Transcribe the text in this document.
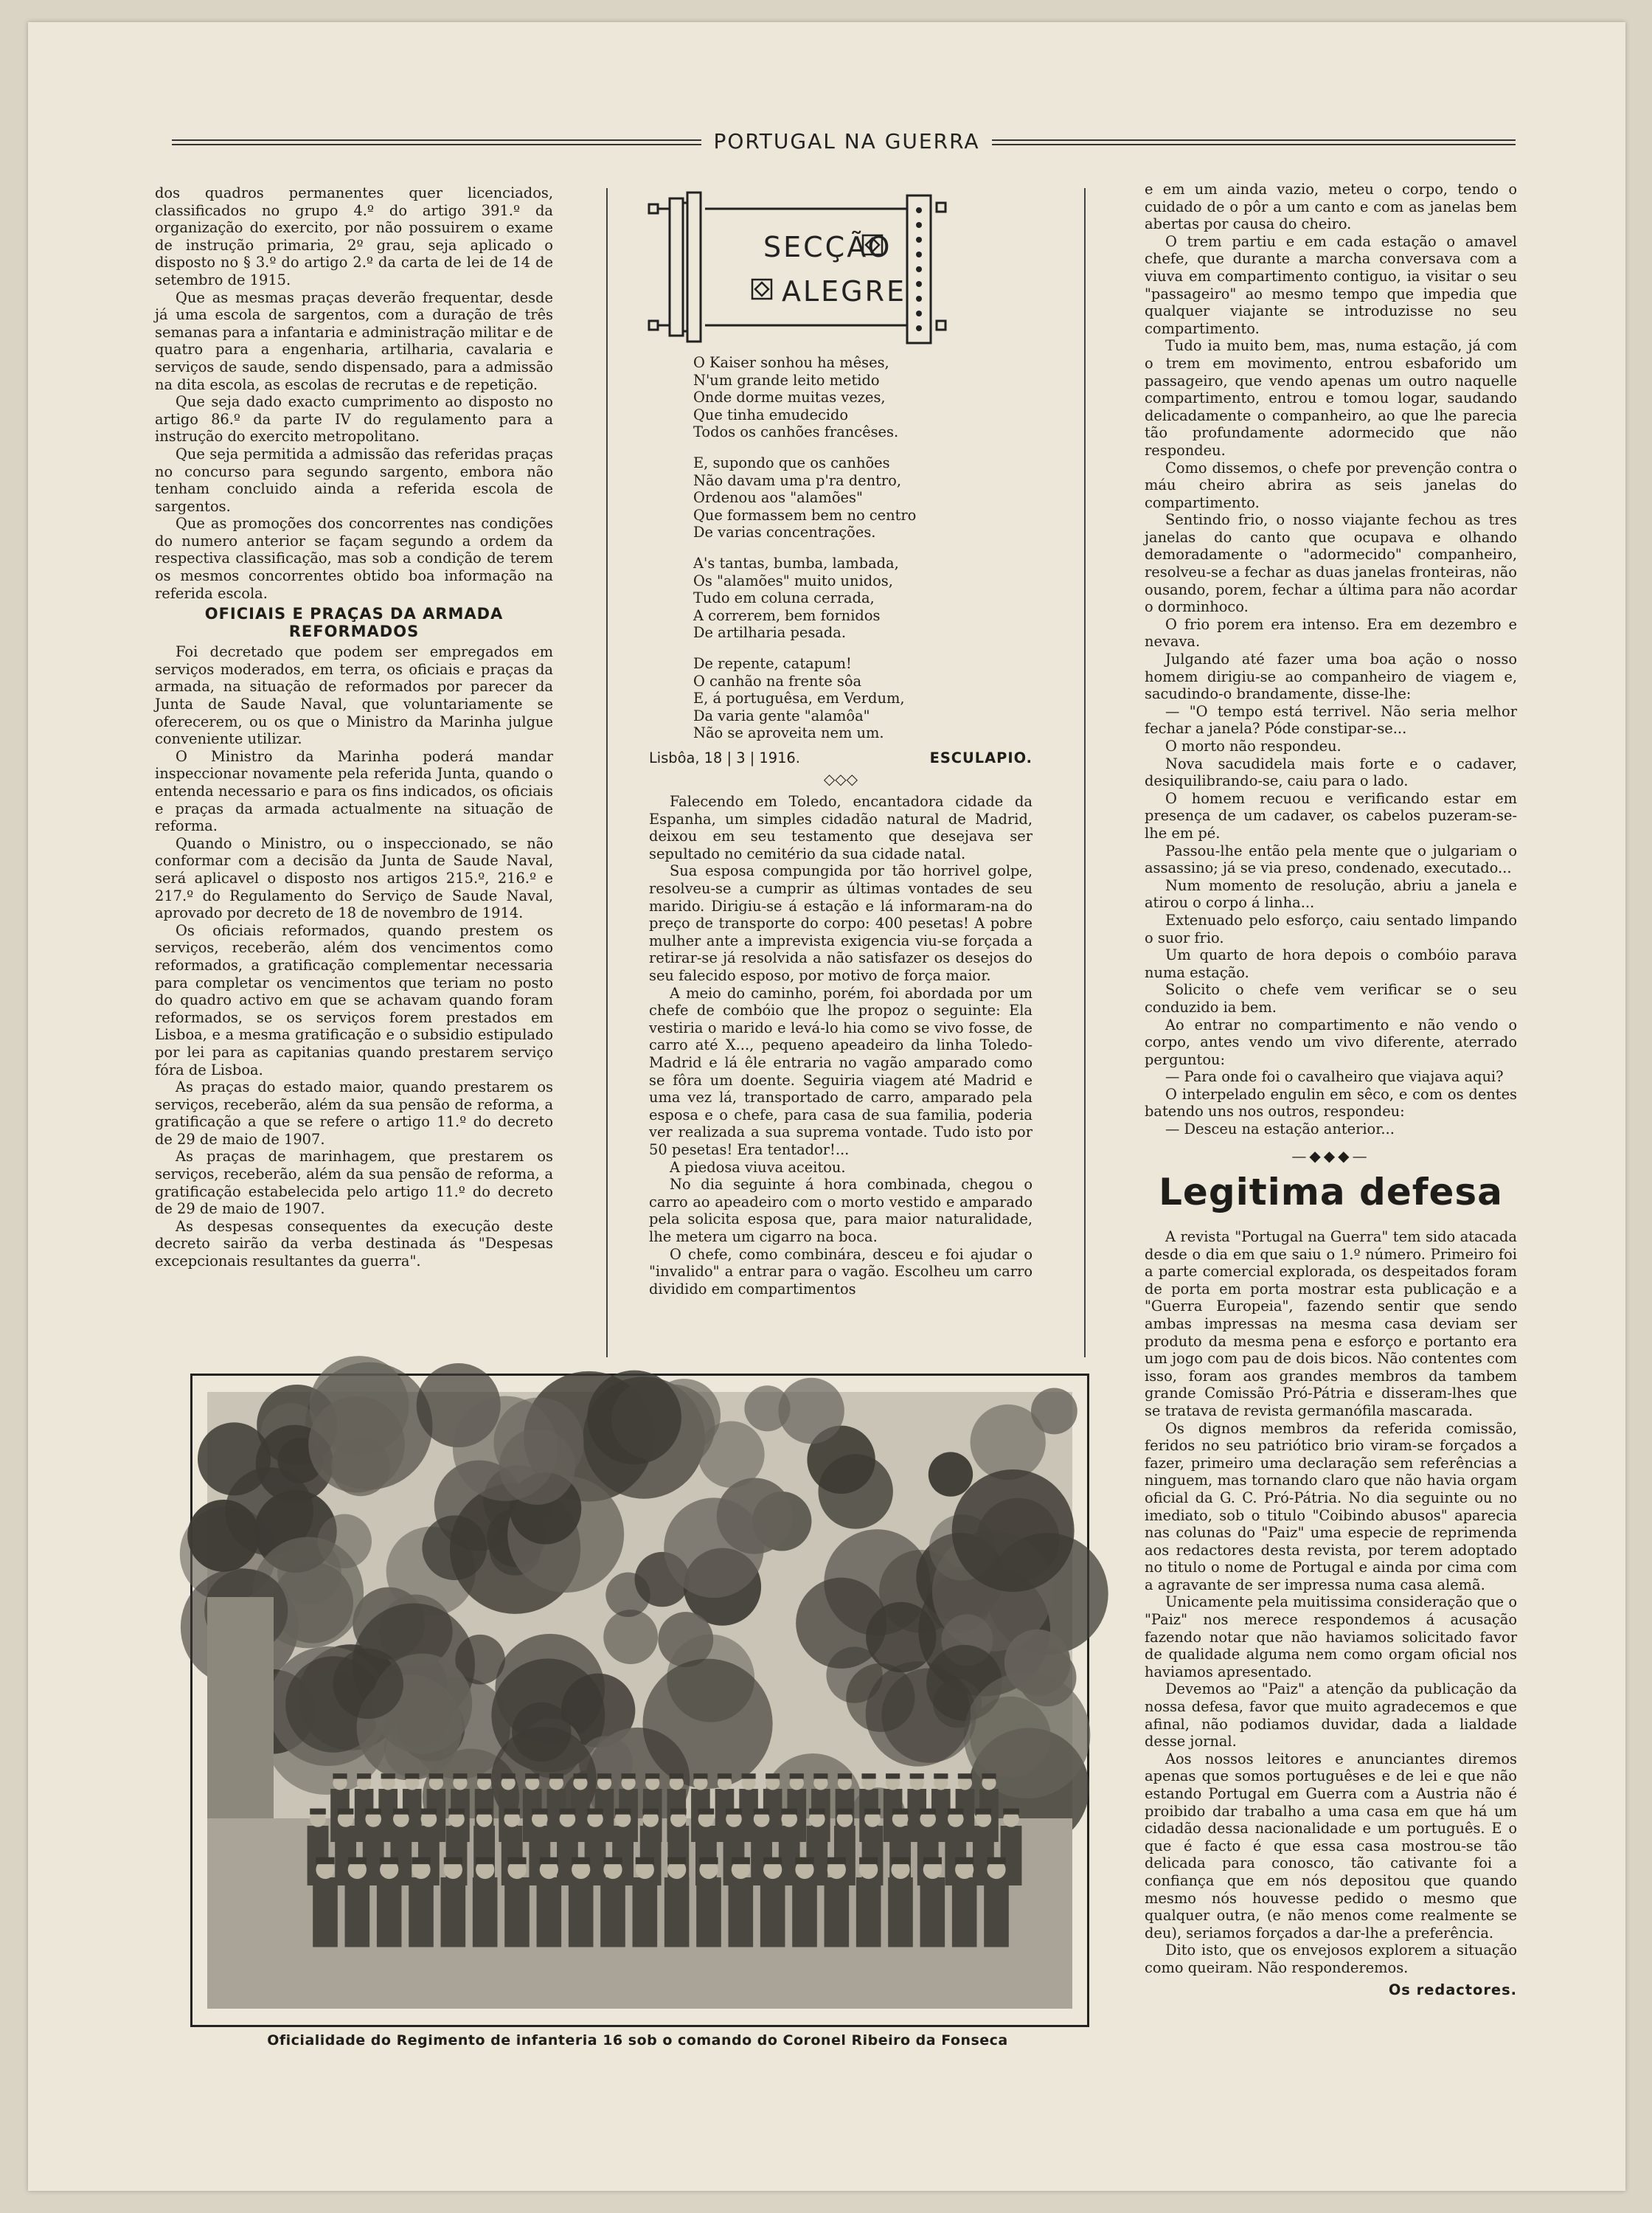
PORTUGAL NA GUERRA

dos quadros permanentes quer licenciados, classificados no grupo 4.º do artigo 391.º da organização do exercito, por não possuirem o exame de instrução primaria, 2º grau, seja aplicado o disposto no § 3.º do artigo 2.º da carta de lei de 14 de setembro de 1915.

Que as mesmas praças deverão frequentar, desde já uma escola de sargentos, com a duração de três semanas para a infantaria e administração militar e de quatro para a engenharia, artilharia, cavalaria e serviços de saude, sendo dispensado, para a admissão na dita escola, as escolas de recrutas e de repetição.

Que seja dado exacto cumprimento ao disposto no artigo 86.º da parte IV do regulamento para a instrução do exercito metropolitano.

Que seja permitida a admissão das referidas praças no concurso para segundo sargento, embora não tenham concluido ainda a referida escola de sargentos.

Que as promoções dos concorrentes nas condições do numero anterior se façam segundo a ordem da respectiva classificação, mas sob a condição de terem os mesmos concorrentes obtido boa informação na referida escola.

OFICIAIS E PRAÇAS DA ARMADA REFORMADOS

Foi decretado que podem ser empregados em serviços moderados, em terra, os oficiais e praças da armada, na situação de reformados por parecer da Junta de Saude Naval, que voluntariamente se oferecerem, ou os que o Ministro da Marinha julgue conveniente utilizar.

O Ministro da Marinha poderá mandar inspeccionar novamente pela referida Junta, quando o entenda necessario e para os fins indicados, os oficiais e praças da armada actualmente na situação de reforma.

Quando o Ministro, ou o inspeccionado, se não conformar com a decisão da Junta de Saude Naval, será aplicavel o disposto nos artigos 215.º, 216.º e 217.º do Regulamento do Serviço de Saude Naval, aprovado por decreto de 18 de novembro de 1914.

Os oficiais reformados, quando prestem os serviços, receberão, além dos vencimentos como reformados, a gratificação complementar necessaria para completar os vencimentos que teriam no posto do quadro activo em que se achavam quando foram reformados, se os serviços forem prestados em Lisboa, e a mesma gratificação e o subsidio estipulado por lei para as capitanias quando prestarem serviço fóra de Lisboa.

As praças do estado maior, quando prestarem os serviços, receberão, além da sua pensão de reforma, a gratificação a que se refere o artigo 11.º do decreto de 29 de maio de 1907.

As praças de marinhagem, que prestarem os serviços, receberão, além da sua pensão de reforma, a gratificação estabelecida pelo artigo 11.º do decreto de 29 de maio de 1907.

As despesas consequentes da execução deste decreto sairão da verba destinada ás "Despesas excepcionais resultantes da guerra".

SECÇÃO
ALEGRE
O Kaiser sonhou ha mêses,
N'um grande leito metido
Onde dorme muitas vezes,
Que tinha emudecido
Todos os canhões francêses.
E, supondo que os canhões
Não davam uma p'ra dentro,
Ordenou aos "alamões"
Que formassem bem no centro
De varias concentrações.
A's tantas, bumba, lambada,
Os "alamões" muito unidos,
Tudo em coluna cerrada,
A correrem, bem fornidos
De artilharia pesada.
De repente, catapum!
O canhão na frente sôa
E, á portuguêsa, em Verdum,
Da varia gente "alamôa"
Não se aproveita nem um.
Lisbôa, 18 | 3 | 1916.	ESCULAPIO.
◇◇◇

Falecendo em Toledo, encantadora cidade da Espanha, um simples cidadão natural de Madrid, deixou em seu testamento que desejava ser sepultado no cemitério da sua cidade natal.

Sua esposa compungida por tão horrivel golpe, resolveu-se a cumprir as últimas vontades de seu marido. Dirigiu-se á estação e lá informaram-na do preço de transporte do corpo: 400 pesetas! A pobre mulher ante a imprevista exigencia viu-se forçada a retirar-se já resolvida a não satisfazer os desejos do seu falecido esposo, por motivo de força maior.

A meio do caminho, porém, foi abordada por um chefe de combóio que lhe propoz o seguinte: Ela vestiria o marido e levá-lo hia como se vivo fosse, de carro até X..., pequeno apeadeiro da linha Toledo-Madrid e lá êle entraria no vagão amparado como se fôra um doente. Seguiria viagem até Madrid e uma vez lá, transportado de carro, amparado pela esposa e o chefe, para casa de sua familia, poderia ver realizada a sua suprema vontade. Tudo isto por 50 pesetas! Era tentador!...

A piedosa viuva aceitou.

No dia seguinte á hora combinada, chegou o carro ao apeadeiro com o morto vestido e amparado pela solicita esposa que, para maior naturalidade, lhe metera um cigarro na boca.

O chefe, como combinára, desceu e foi ajudar o "invalido" a entrar para o vagão. Escolheu um carro dividido em compartimentos

e em um ainda vazio, meteu o corpo, tendo o cuidado de o pôr a um canto e com as janelas bem abertas por causa do cheiro.

O trem partiu e em cada estação o amavel chefe, que durante a marcha conversava com a viuva em compartimento contiguo, ia visitar o seu "passageiro" ao mesmo tempo que impedia que qualquer viajante se introduzisse no seu compartimento.

Tudo ia muito bem, mas, numa estação, já com o trem em movimento, entrou esbaforido um passageiro, que vendo apenas um outro naquelle compartimento, entrou e tomou logar, saudando delicadamente o companheiro, ao que lhe parecia tão profundamente adormecido que não respondeu.

Como dissemos, o chefe por prevenção contra o máu cheiro abrira as seis janelas do compartimento.

Sentindo frio, o nosso viajante fechou as tres janelas do canto que ocupava e olhando demoradamente o "adormecido" companheiro, resolveu-se a fechar as duas janelas fronteiras, não ousando, porem, fechar a última para não acordar o dorminhoco.

O frio porem era intenso. Era em dezembro e nevava.

Julgando até fazer uma boa ação o nosso homem dirigiu-se ao companheiro de viagem e, sacudindo-o brandamente, disse-lhe:

— "O tempo está terrivel. Não seria melhor fechar a janela? Póde constipar-se...

O morto não respondeu.

Nova sacudidela mais forte e o cadaver, desiquilibrando-se, caiu para o lado.

O homem recuou e verificando estar em presença de um cadaver, os cabelos puzeram-se-lhe em pé.

Passou-lhe então pela mente que o julgariam o assassino; já se via preso, condenado, executado...

Num momento de resolução, abriu a janela e atirou o corpo á linha...

Extenuado pelo esforço, caiu sentado limpando o suor frio.

Um quarto de hora depois o combóio parava numa estação.

Solicito o chefe vem verificar se o seu conduzido ia bem.

Ao entrar no compartimento e não vendo o corpo, antes vendo um vivo diferente, aterrado perguntou:

— Para onde foi o cavalheiro que viajava aqui?

O interpelado engulin em sêco, e com os dentes batendo uns nos outros, respondeu:

— Desceu na estação anterior...

—◆◆◆—
Legitima defesa

A revista "Portugal na Guerra" tem sido atacada desde o dia em que saiu o 1.º número. Primeiro foi a parte comercial explorada, os despeitados foram de porta em porta mostrar esta publicação e a "Guerra Europeia", fazendo sentir que sendo ambas impressas na mesma casa deviam ser produto da mesma pena e esforço e portanto era um jogo com pau de dois bicos. Não contentes com isso, foram aos grandes membros da tambem grande Comissão Pró-Pátria e disseram-lhes que se tratava de revista germanófila mascarada.

Os dignos membros da referida comissão, feridos no seu patriótico brio viram-se forçados a fazer, primeiro uma declaração sem referências a ninguem, mas tornando claro que não havia orgam oficial da G. C. Pró-Pátria. No dia seguinte ou no imediato, sob o titulo "Coibindo abusos" aparecia nas colunas do "Paiz" uma especie de reprimenda aos redactores desta revista, por terem adoptado no titulo o nome de Portugal e ainda por cima com a agravante de ser impressa numa casa alemã.

Unicamente pela muitissima consideração que o "Paiz" nos merece respondemos á acusação fazendo notar que não haviamos solicitado favor de qualidade alguma nem como orgam oficial nos haviamos apresentado.

Devemos ao "Paiz" a atenção da publicação da nossa defesa, favor que muito agradecemos e que afinal, não podiamos duvidar, dada a lialdade desse jornal.

Aos nossos leitores e anunciantes diremos apenas que somos portuguêses e de lei e que não estando Portugal em Guerra com a Austria não é proibido dar trabalho a uma casa em que há um cidadão dessa nacionalidade e um português. E o que é facto é que essa casa mostrou-se tão delicada para conosco, tão cativante foi a confiança que em nós depositou que quando mesmo nós houvesse pedido o mesmo que qualquer outra, (e não menos come realmente se deu), seriamos forçados a dar-lhe a preferência.

Dito isto, que os envejosos explorem a situação como queiram. Não responderemos.

Os redactores.
Oficialidade do Regimento de infanteria 16 sob o comando do Coronel Ribeiro da Fonseca
